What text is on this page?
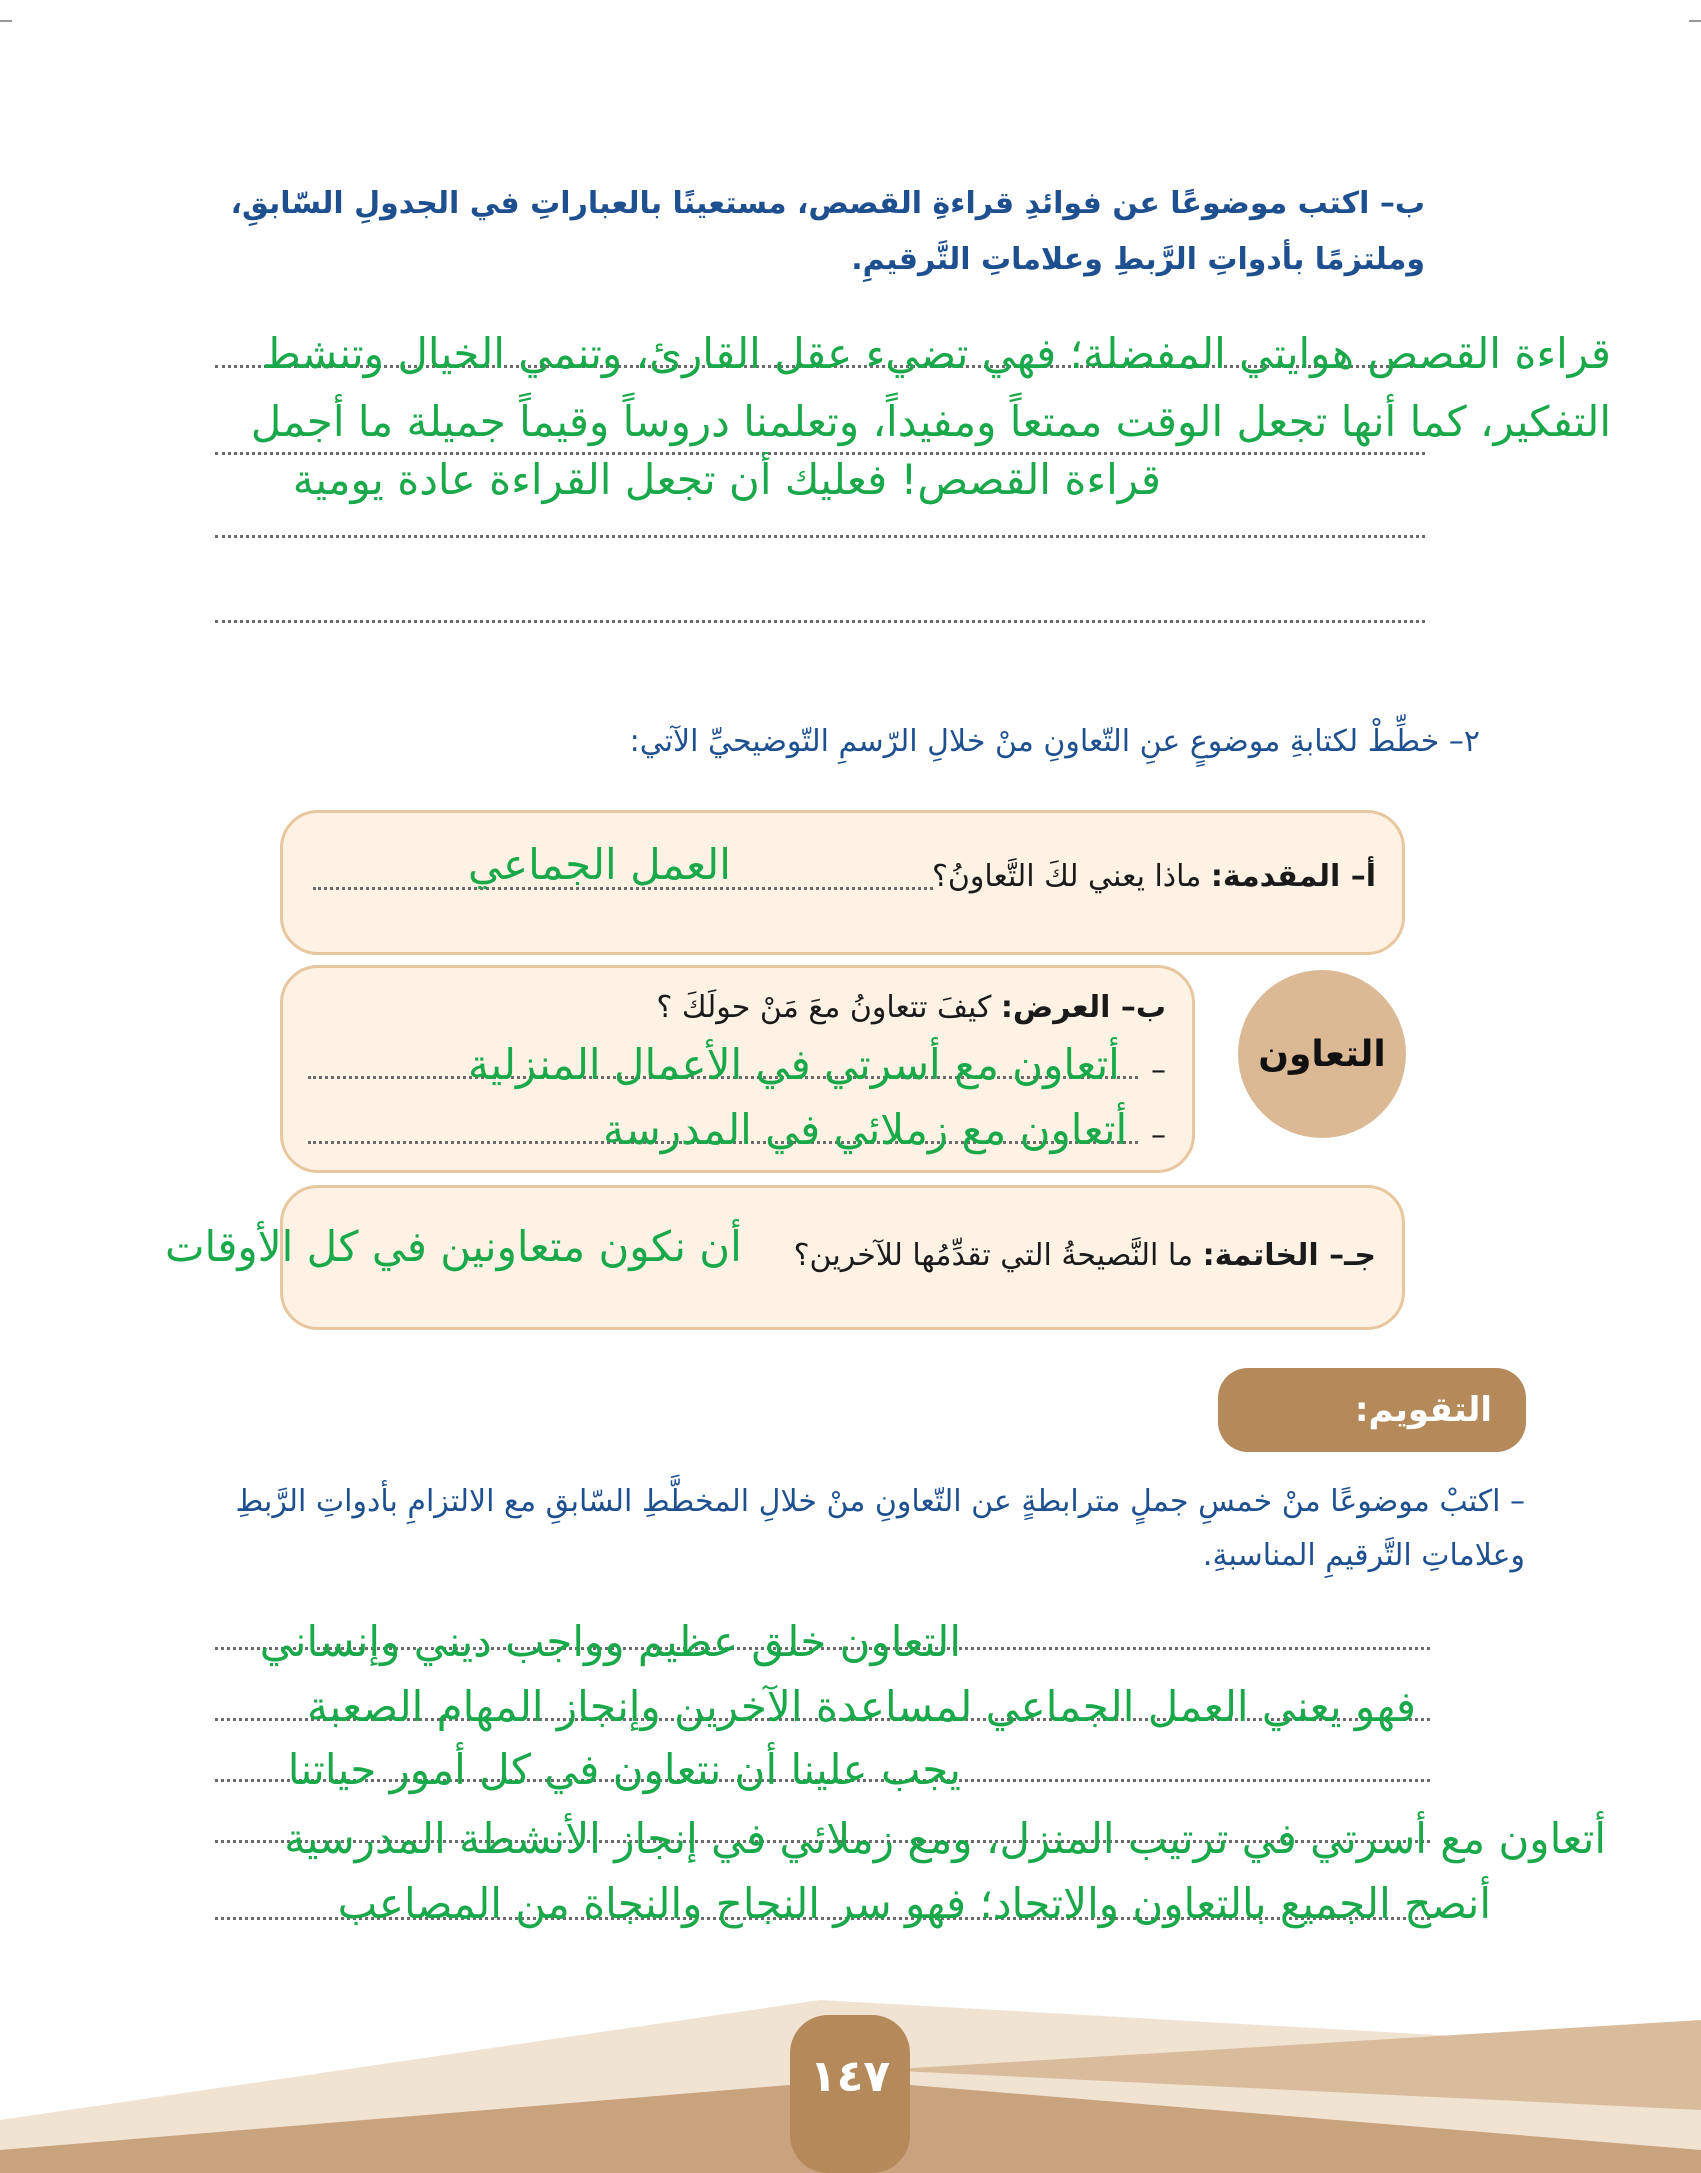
ب– اكتب موضوعًا عن فوائدِ قراءةِ القصص، مستعينًا بالعباراتِ في الجدولِ السّابقِ، وملتزمًا بأدواتِ الرَّبطِ وعلاماتِ التَّرقيمِ.
قراءة القصص هوايتي المفضلة؛ فهي تضيء عقل القارئ، وتنمي الخيال وتنشط
التفكير، كما أنها تجعل الوقت ممتعاً ومفيداً، وتعلمنا دروساً وقيماً جميلة ما أجمل
قراءة القصص! فعليك أن تجعل القراءة عادة يومية
٢– خطِّطْ لكتابةِ موضوعٍ عنِ التّعاونِ منْ خلالِ الرّسمِ التّوضيحيِّ الآتي:
أ– المقدمة: ماذا يعني لكَ التَّعاونُ؟
العمل الجماعي
ب– العرض: كيفَ تتعاونُ معَ مَنْ حولَكَ ؟
–
–
أتعاون مع أسرتي في الأعمال المنزلية
أتعاون مع زملائي في المدرسة
التعاون
جـ– الخاتمة: ما النَّصيحةُ التي تقدِّمُها للآخرين؟
أن نكون متعاونين في كل الأوقات
التقويم:
– اكتبْ موضوعًا منْ خمسِ جملٍ مترابطةٍ عن التّعاونِ منْ خلالِ المخطَّطِ السّابقِ مع الالتزامِ بأدواتِ الرَّبطِ وعلاماتِ التَّرقيمِ المناسبةِ.
التعاون خلق عظيم وواجب ديني وإنساني
فهو يعني العمل الجماعي لمساعدة الآخرين وإنجاز المهام الصعبة
يجب علينا أن نتعاون في كل أمور حياتنا
أتعاون مع أسرتي في ترتيب المنزل، ومع زملائي في إنجاز الأنشطة المدرسية
أنصح الجميع بالتعاون والاتحاد؛ فهو سر النجاح والنجاة من المصاعب
١٤٧
